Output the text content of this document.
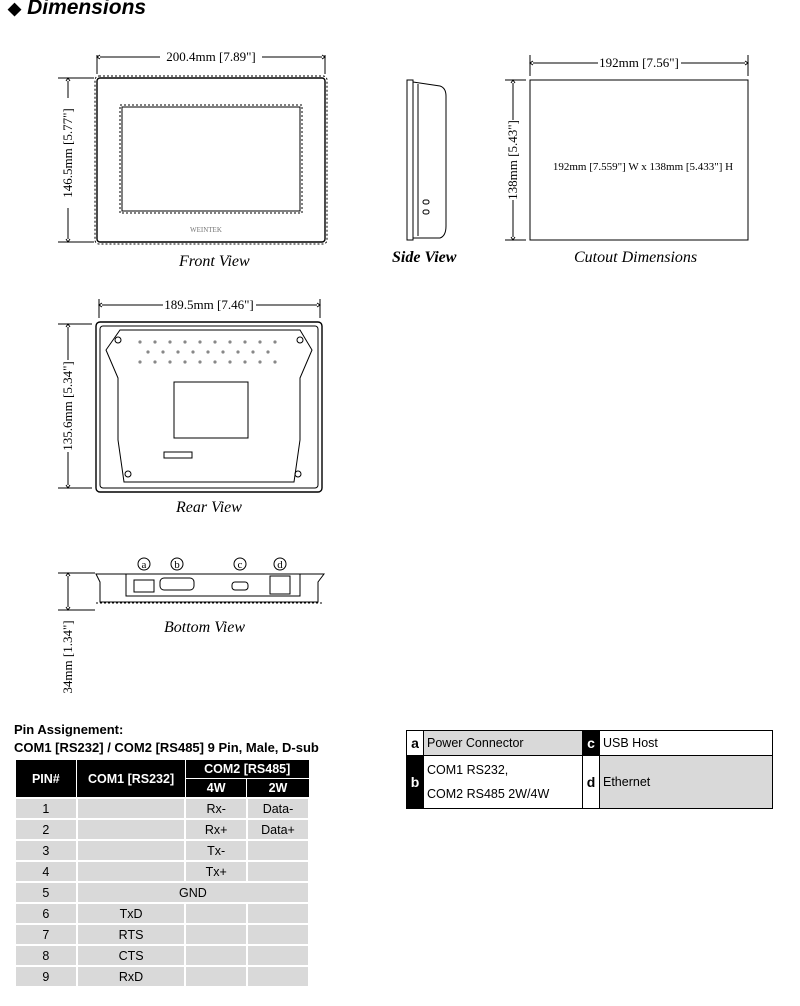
◆ Dimensions
200.4mm [7.89"]
146.5mm [5.77"]
WEINTEK
192mm [7.56"]
138mm [5.43"]	192mm [7.559"] W x 138mm [5.433"] H
189.5mm [7.46"]
135.6mm [5.34"]
34mm [1.34"]
a	b	c	d
Front View	Side View	Cutout Dimensions
Rear View
Bottom View
Pin Assignement:
COM1 [RS232] / COM2 [RS485] 9 Pin, Male, D-sub
PIN#	COM1 [RS232]	COM2 [RS485]	
		4W	2W
1		Rx-	Data-
2		Rx+	Data+
3		Tx-	
4		Tx+	
5	GND		
6	TxD		
7	RTS		
8	CTS		
9	RxD		
a	Power Connector	c	USB Host
b	COM1 RS232,
COM2 RS485 2W/4W	d	Ethernet
